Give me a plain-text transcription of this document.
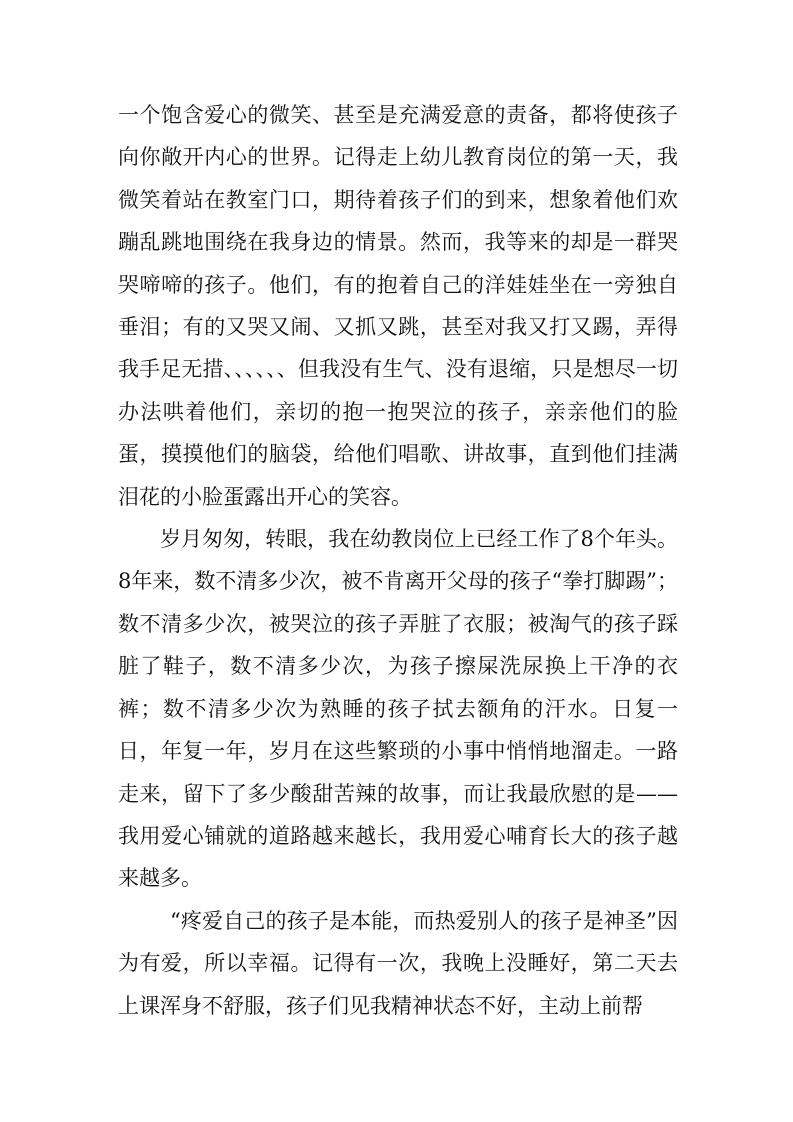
一个饱含爱心的微笑、甚至是充满爱意的责备，都将使孩子向你敞开内心的世界。记得走上幼儿教育岗位的第一天，我微笑着站在教室门口，期待着孩子们的到来，想象着他们欢蹦乱跳地围绕在我身边的情景。然而，我等来的却是一群哭哭啼啼的孩子。他们，有的抱着自己的洋娃娃坐在一旁独自垂泪；有的又哭又闹、又抓又跳，甚至对我又打又踢，弄得我手足无措、、、、、、但我没有生气、没有退缩，只是想尽一切办法哄着他们，亲切的抱一抱哭泣的孩子，亲亲他们的脸蛋，摸摸他们的脑袋，给他们唱歌、讲故事，直到他们挂满泪花的小脸蛋露出开心的笑容。

岁月匆匆，转眼，我在幼教岗位上已经工作了8个年头。8年来，数不清多少次，被不肯离开父母的孩子“拳打脚踢”；数不清多少次，被哭泣的孩子弄脏了衣服；被淘气的孩子踩脏了鞋子，数不清多少次，为孩子擦屎洗尿换上干净的衣裤；数不清多少次为熟睡的孩子拭去额角的汗水。日复一日，年复一年，岁月在这些繁琐的小事中悄悄地溜走。一路走来，留下了多少酸甜苦辣的故事，而让我最欣慰的是——我用爱心铺就的道路越来越长，我用爱心哺育长大的孩子越来越多。

“疼爱自己的孩子是本能，而热爱别人的孩子是神圣”因为有爱，所以幸福。记得有一次，我晚上没睡好，第二天去上课浑身不舒服，孩子们见我精神状态不好，主动上前帮
